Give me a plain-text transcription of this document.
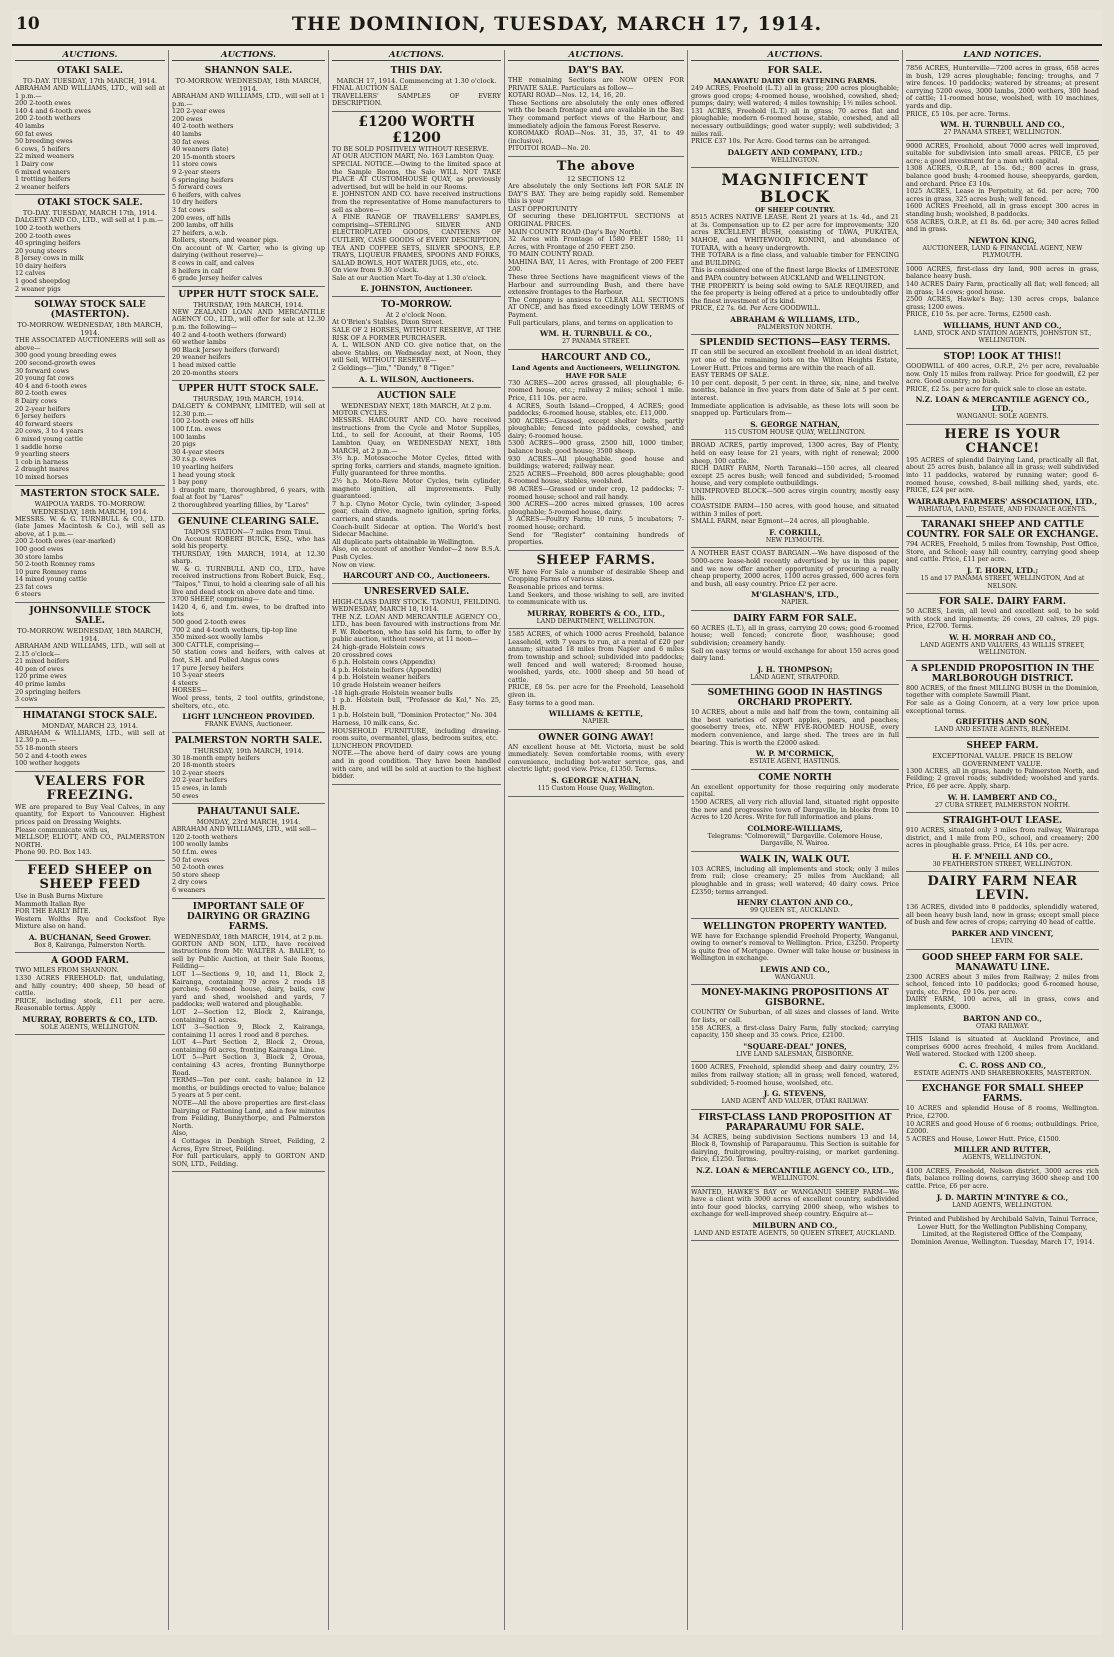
10	THE DOMINION, TUESDAY, MARCH 17, 1914.
AUCTIONS.
OTAKI SALE.
TO-DAY. TUESDAY, 17th MARCH, 1914.
ABRAHAM AND WILLIAMS, LTD., will sell at 1 p.m.—
200 2-tooth ewes
140 4 and 6-tooth ewes
200 2-tooth wethers
40 lambs
60 fat ewes
50 breeding ewes
6 cows, 5 heifers
22 mixed weaners
1 Dairy cow
6 mixed weaners
1 trotting heifers
2 weaner heifers
OTAKI STOCK SALE.
TO-DAY. TUESDAY, MARCH 17th, 1914.
DALGETY AND CO., LTD., will sell at 1 p.m.—
100 2-tooth wethers
200 2-tooth ewes
40 springing heifers
20 young steers
8 Jersey cows in milk
10 dairy heifers
12 calves
1 good sheepdog
2 weaner pigs
SOLWAY STOCK SALE (MASTERTON).
TO-MORROW. WEDNESDAY, 18th MARCH, 1914.
THE ASSOCIATED AUCTIONEERS will sell as above—
300 good young breeding ewes
200 second-growth ewes
30 forward cows
20 young fat cows
40 4 and 6-tooth ewes
80 2-tooth ewes
8 Dairy cows
20 2-year heifers
6 Jersey heifers
40 forward steers
20 cows, 3 to 4 years
6 mixed young cattle
1 saddle horse
9 yearling steers
1 cob in harness
2 draught mares
10 mixed horses
MASTERTON STOCK SALE.
WAIPOUA YARDS. TO-MORROW. WEDNESDAY, 18th MARCH, 1914.
MESSRS. W. & G. TURNBULL & CO., LTD. (late James Macintosh & Co.), will sell as above, at 1 p.m.—
200 2-tooth ewes (ear-marked)
100 good ewes
30 store lambs
50 2-tooth Romney rams
10 pure Romney rams
14 mixed young cattle
23 fat cows
6 steers
JOHNSONVILLE STOCK SALE.
TO-MORROW. WEDNESDAY, 18th MARCH, 1914.
ABRAHAM AND WILLIAMS, LTD., will sell at 2.15 o'clock—
21 mixed heifers
40 pen of ewes
120 prime ewes
40 prime lambs
20 springing heifers
3 cows
HIMATANGI STOCK SALE.
MONDAY, MARCH 23, 1914.
ABRAHAM & WILLIAMS, LTD., will sell at 12.30 p.m.—
55 18-month steers
50 2 and 4-tooth ewes
100 wether hoggets
VEALERS FOR FREEZING.
WE are prepared to Buy Veal Calves, in any quantity, for Export to Vancouver. Highest prices paid on Dressing Weights.
Please communicate with us,
MELLSOP, ELIOTT, AND CO., PALMERSTON NORTH.
Phone 90. P.O. Box 143.
FEED SHEEP on SHEEP FEED
Use in Bush Burns Mixture
Mammoth Italian Rye
FOR THE EARLY BITE.
Western Wolths Rye and Cocksfoot Rye Mixture also on hand.
A. BUCHANAN, Seed Grower.
Box 8, Kairanga, Palmerston North.
A GOOD FARM.
TWO MILES FROM SHANNON.
1330 ACRES FREEHOLD: flat, undulating, and hilly country; 400 sheep, 50 head of cattle.
PRICE, including stock, £11 per acre. Reasonable terms. Apply
MURRAY, ROBERTS & CO., LTD.
SOLE AGENTS, WELLINGTON.
AUCTIONS.
SHANNON SALE.
TO-MORROW. WEDNESDAY, 18th MARCH, 1914.
ABRAHAM AND WILLIAMS, LTD., will sell at 1 p.m.—
120 2-year ewes
200 ewes
40 2-tooth wethers
40 lambs
30 fat ewes
40 weaners (late)
20 15-month steers
11 store cows
9 2-year steers
6 springing heifers
5 forward cows
6 heifers, with calves
10 dry heifers
3 fat cows
200 ewes, off hills
200 lambs, off hills
27 heifers, a.w.b.
Rollers, steers, and weaner pigs.
On account of W. Carter, who is giving up dairying (without reserve)—
8 cows in calf, and calves
8 heifers in calf
6 grade Jersey heifer calves
UPPER HUTT STOCK SALE.
THURSDAY, 19th MARCH, 1914.
NEW ZEALAND LOAN AND MERCANTILE AGENCY CO., LTD., will offer for sale at 12.30 p.m. the following—
40 2 and 4-tooth wethers (forward)
60 wether lambs
90 Black Jersey heifers (forward)
20 weaner heifers
1 head mixed cattle
20 20-months steers
UPPER HUTT STOCK SALE.
THURSDAY, 19th MARCH, 1914.
DALGETY & COMPANY, LIMITED, will sell at 12.30 p.m.—
100 2-tooth ewes off hills
100 f.f.m. ewes
100 lambs
20 pigs
30 4-year steers
30 r.s.p. ewes
10 yearling heifers
1 head young stock
1 bay pony
1 draught mare, thoroughbred, 6 years, with foal at foot by "Lares"
2 thoroughbred yearling fillies, by "Lares"
GENUINE CLEARING SALE.
TAIPOS STATION—7 miles from Tinui.
On Account ROBERT BUICK, ESQ., who has sold his property.
THURSDAY, 19th MARCH, 1914, at 12.30 sharp.
W. & G. TURNBULL AND CO., LTD., have received instructions from Robert Buick, Esq., "Taipos," Tinui, to hold a clearing sale of all his live and dead stock on above date and time.
3700 SHEEP, comprising—
1420 4, 6, and f.m. ewes, to be drafted into lots
500 good 2-tooth ewes
700 2 and 4-tooth wethers, tip-top line
350 mixed-sex woolly lambs
300 CATTLE, comprising—
50 station cows and heifers, with calves at foot, S.H. and Polled Angus cows
17 pure Jersey heifers
10 3-year steers
4 steers
HORSES—
Wool press, tents, 2 tool outfits, grindstone, shelters, etc., etc.
LIGHT LUNCHEON PROVIDED.
FRANK EVANS, Auctioneer.
PALMERSTON NORTH SALE.
THURSDAY, 19th MARCH, 1914.
30 18-month empty heifers
20 18-month steers
10 2-year steers
20 2-year heifers
15 ewes, in lamb
50 ewes
PAHAUTANUI SALE.
MONDAY, 23rd MARCH, 1914.
ABRAHAM AND WILLIAMS, LTD., will sell—
120 2-tooth wethers
100 woolly lambs
50 f.f.m. ewes
50 fat ewes
50 2-tooth ewes
50 store sheep
2 dry cows
6 weaners
IMPORTANT SALE OF DAIRYING OR GRAZING FARMS.
WEDNESDAY, 18th MARCH, 1914, at 2 p.m.
GORTON AND SON, LTD., have received instructions from Mr. WALTER A. BAILEY, to sell by Public Auction, at their Sale Rooms, Feilding—
LOT 1—Sections 9, 10, and 11, Block 2, Kairanga, containing 79 acres 2 roods 18 perches; 6-roomed house, dairy, bails, cow yard and shed, woolshed and yards, 7 paddocks; well watered and ploughable.
LOT 2—Section 12, Block 2, Kairanga, containing 61 acres.
LOT 3—Section 9, Block 2, Kairanga, containing 11 acres 1 rood and 8 perches.
LOT 4—Part Section 2, Block 2, Oroua, containing 60 acres, fronting Kairanga Line.
LOT 5—Part Section 3, Block 2, Oroua, containing 43 acres, fronting Bunnythorpe Road.
TERMS—Ten per cent. cash; balance in 12 months, or buildings erected to value; balance 5 years at 5 per cent.
NOTE—All the above properties are first-class Dairying or Fattening Land, and a few minutes from Feilding, Bunnythorpe, and Palmerston North.
Also,
4 Cottages in Denbigh Street, Feilding, 2 Acres, Eyre Street, Feilding.
For full particulars, apply to GORTON AND SON, LTD., Feilding.
AUCTIONS.
THIS DAY.
MARCH 17, 1914. Commencing at 1.30 o'clock.
FINAL AUCTION SALE
TRAVELLERS' SAMPLES OF EVERY DESCRIPTION.
£1200 WORTH £1200
TO BE SOLD POSITIVELY WITHOUT RESERVE.
AT OUR AUCTION MART, No. 163 Lambton Quay.
SPECIAL NOTICE.—Owing to the limited space at the Sample Rooms, the Sale WILL NOT TAKE PLACE AT CUSTOMHOUSE QUAY, as previously advertised, but will be held in our Rooms.
E. JOHNSTON AND CO. have received instructions from the representative of Home manufacturers to sell as above—
A FINE RANGE OF TRAVELLERS' SAMPLES, comprising—STERLING SILVER AND ELECTROPLATED GOODS, CANTEENS OF CUTLERY, CASE GOODS of EVERY DESCRIPTION, TEA AND COFFEE SETS, SILVER SPOONS, E.P. TRAYS, LIQUEUR FRAMES, SPOONS AND FORKS, SALAD BOWLS, HOT WATER JUGS, etc., etc.
On view from 9.30 o'clock.
Sale at our Auction Mart To-day at 1.30 o'clock.
E. JOHNSTON, Auctioneer.
TO-MORROW.
At 2 o'clock Noon.
At O'Brien's Stables, Dixon Street.
SALE OF 2 HORSES, WITHOUT RESERVE, AT THE RISK OF A FORMER PURCHASER.
A. L. WILSON AND CO. give notice that, on the above Stables, on Wednesday next, at Noon, they will Sell, WITHOUT RESERVE—
2 Geldings—"Jim," "Dandy," 8 "Tiger."
A. L. WILSON, Auctioneers.
AUCTION SALE
WEDNESDAY NEXT, 18th MARCH, At 2 p.m.
MOTOR CYCLES.
MESSRS. HARCOURT AND CO. have received instructions from the Cycle and Motor Supplies, Ltd., to sell for Account, at their Rooms, 105 Lambton Quay, on WEDNESDAY NEXT, 18th MARCH, at 2 p.m.—
3½ h.p. Motosacoche Motor Cycles, fitted with spring forks, carriers and stands, magneto ignition. Fully guaranteed for three months.
2½ h.p. Moto-Reve Motor Cycles, twin cylinder, magneto ignition, all improvements. Fully guaranteed.
7 h.p. Clyno Motor Cycle, twin cylinder, 3-speed gear, chain drive, magneto ignition, spring forks, carriers, and stands.
Coach-built Sidecar at option. The World's best Sidecar Machine.
All duplicate parts obtainable in Wellington.
Also, on account of another Vendor—2 new B.S.A. Push Cycles.
Now on view.
HARCOURT AND CO., Auctioneers.
UNRESERVED SALE.
HIGH-CLASS DAIRY STOCK. TAONUI, FEILDING.
WEDNESDAY, MARCH 18, 1914.
THE N.Z. LOAN AND MERCANTILE AGENCY CO., LTD., has been favoured with instructions from Mr. F. W. Robertson, who has sold his farm, to offer by public auction, without reserve, at 11 noon—
24 high-grade Holstein cows
20 crossbred cows
6 p.h. Holstein cows (Appendix)
4 p.b. Holstein heifers (Appendix)
4 p.b. Holstein weaner heifers
10 grade Holstein weaner heifers
-18 high-grade Holstein weaner bulls
1 p.b. Holstein bull, "Professor de Kol," No. 25, H.B.
1 p.b. Holstein bull, "Dominion Protector," No. 304
Harness, 10 milk cans, &c.
HOUSEHOLD FURNITURE, including drawing-room suite, overmantel, glass, bedroom suites, etc.
LUNCHEON PROVIDED.
NOTE.—The above herd of dairy cows are young and in good condition. They have been handled with care, and will be sold at auction to the highest bidder.
AUCTIONS.
DAY'S BAY.
THE remaining Sections are NOW OPEN FOR PRIVATE SALE. Particulars as follow—
KOTARI ROAD—Nos. 12, 14, 16, 20.
These Sections are absolutely the only ones offered with the beach frontage and are available in the Bay. They command perfect views of the Harbour, and immediately adjoin the famous Forest Reserve.
KOROMAKO ROAD—Nos. 31, 35, 37, 41 to 49 (inclusive).
PITOITOI ROAD—No. 20.
The above
12 SECTIONS 12
Are absolutely the only Sections left FOR SALE IN DAY'S BAY. They are being rapidly sold. Remember this is your
LAST OPPORTUNITY
Of securing these DELIGHTFUL SECTIONS at ORIGINAL PRICES.
MAIN COUNTY ROAD (Day's Bay North).
32 Acres with Frontage of 1580 FEET 1580; 11 Acres, with Frontage of 250 FEET 250.
TO MAIN COUNTY ROAD.
MAHINA BAY, 11 Acres, with Frontage of 200 FEET 200.
These three Sections have magnificent views of the Harbour and surrounding Bush, and there have extensive frontages to the Harbour.
The Company is anxious to CLEAR ALL SECTIONS AT ONCE, and has fixed exceedingly LOW TERMS of Payment.
Full particulars, plans, and terms on application to
WM. H. TURNBULL & CO.,
27 PANAMA STREET.
HARCOURT AND CO.,
Land Agents and Auctioneers, WELLINGTON. HAVE FOR SALE
730 ACRES—200 acres grassed, all ploughable; 6-roomed house, etc.; railway 2 miles; school 1 mile. Price, £11 10s. per acre.
4 ACRES, South Island—Cropped, 4 ACRES; good paddocks; 6-roomed house, stables, etc. £11,000.
300 ACRES—Grassed, except shelter belts, partly ploughable; fenced into paddocks, cowshed, and dairy; 6-roomed house.
5300 ACRES—900 grass, 2500 hill, 1000 timber, balance bush; good house; 3500 sheep.
930 ACRES—All ploughable. good house and buildings; watered; railway near.
2525 ACRES—Freehold, 800 acres ploughable; good 8-roomed house, stables, woolshed.
98 ACRES—Grassed or under crop, 12 paddocks; 7-roomed house; school and rail handy.
300 ACRES—200 acres mixed grasses, 100 acres ploughable; 5-roomed house, dairy.
3 ACRES—Poultry Farm; 10 runs, 5 incubators; 7-roomed house; orchard.
Send for "Register" containing hundreds of properties.
SHEEP FARMS.
WE have For Sale a number of desirable Sheep and Cropping Farms of various sizes.
Reasonable prices and terms.
Land Seekers, and those wishing to sell, are invited to communicate with us.
MURRAY, ROBERTS & CO., LTD.,
LAND DEPARTMENT, WELLINGTON.
1585 ACRES, of which 1000 acres Freehold, balance Leasehold, with 7 years to run, at a rental of £20 per annum; situated 18 miles from Napier and 6 miles from township and school; subdivided into paddocks; well fenced and well watered; 8-roomed house, woolshed, yards, etc. 1000 sheep and 50 head of cattle.
PRICE, £8 5s. per acre for the Freehold, Leasehold given in.
Easy terms to a good man.
WILLIAMS & KETTLE,
NAPIER.
OWNER GOING AWAY!
AN excellent house at Mt. Victoria, must be sold immediately. Seven comfortable rooms, with every convenience, including hot-water service, gas, and electric light; good view. Price, £1350. Terms.
S. GEORGE NATHAN,
115 Custom House Quay, Wellington.
AUCTIONS.
FOR SALE.
MANAWATU DAIRY OR FATTENING FARMS.
249 ACRES, Freehold (L.T.) all in grass; 200 acres ploughable; grows good crops; 4-roomed house, woolshed, cowshed, shed; pumps; dairy; well watered; 4 miles township; 1½ miles school.
131 ACRES, Freehold (L.T.) all in grass; 70 acres flat and ploughable; modern 6-roomed house, stable, cowshed, and all necessary outbuildings; good water supply; well subdivided; 3 miles rail.
PRICE £37 10s. Per Acre. Good terms can be arranged.
DALGETY AND COMPANY, LTD.;
WELLINGTON.
MAGNIFICENT BLOCK
OF SHEEP COUNTRY.
8515 ACRES NATIVE LEASE. Rent 21 years at 1s. 4d., and 21 at 3s. Compensation up to £2 per acre for improvements; 320 acres EXCELLENT BUSH, consisting of TAWA, PUKATEA, MAHOE, and WHITEWOOD, KONINI, and abundance of TOTARA, with a heavy undergrowth.
THE TOTARA is a fine class, and valuable timber for FENCING and BUILDING.
This is considered one of the finest large Blocks of LIMESTONE and PAPA country between AUCKLAND and WELLINGTON.
THE PROPERTY is being sold owing to SALE REQUIRED, and the fee property is being offered at a price to undoubtedly offer the finest investment of its kind.
PRICE, £2 7s. 6d. Per Acre GOODWILL.
ABRAHAM & WILLIAMS, LTD.,
PALMERSTON NORTH.
SPLENDID SECTIONS—EASY TERMS.
IT can still be secured an excellent freehold in an ideal district, yet one of the remaining lots on the Wilton Heights Estate, Lower Hutt. Prices and terms are within the reach of all.
EASY TERMS OF SALE.
10 per cent. deposit, 5 per cent. in three, six, nine, and twelve months, balance in five years from date of Sale at 5 per cent. interest.
Immediate application is advisable, as these lots will soon be snapped up. Particulars from—
S. GEORGE NATHAN,
115 CUSTOM HOUSE QUAY, WELLINGTON.
BROAD ACRES, partly improved, 1300 acres, Bay of Plenty, held on easy lease for 21 years, with right of renewal; 2000 sheep, 100 cattle.
RICH DAIRY FARM, North Taranaki—150 acres, all cleared except 25 acres bush; well fenced and subdivided; 5-roomed house, and very complete outbuildings.
UNIMPROVED BLOCK—500 acres virgin country, mostly easy hills.
COASTSIDE FARM—150 acres, with good house, and situated within 3 miles of port.
SMALL FARM, near Egmont—24 acres, all ploughable.
F. CORKILL,
NEW PLYMOUTH.
A NOTHER EAST COAST BARGAIN.—We have disposed of the 5000-acre lease-hold recently advertised by us in this paper, and we now offer another opportunity of procuring a really cheap property, 2000 acres, 1100 acres grassed, 600 acres fern and bush, all easy country. Price £2 per acre.
M'GLASHAN'S, LTD.,
NAPIER.
DAIRY FARM FOR SALE.
60 ACRES (L.T.), all in grass, carrying 20 cows; good 6-roomed house; well fenced; concrete floor, washhouse; good subdivision; creamery handy.
Sell on easy terms or would exchange for about 150 acres good dairy land.
J. H. THOMPSON;
LAND AGENT, STRATFORD.
SOMETHING GOOD IN HASTINGS ORCHARD PROPERTY.
10 ACRES, about a mile and half from the town, containing all the best varieties of export apples, pears, and peaches; gooseberry trees, etc. NEW FIVE-ROOMED HOUSE, every modern convenience, and large shed. The trees are in full bearing. This is worth the £2000 asked.
W. P. M'CORMICK,
ESTATE AGENT, HASTINGS.
COME NORTH
An excellent opportunity for those requiring only moderate capital.
1500 ACRES, all very rich alluvial land, situated right opposite the new and progressive town of Dargaville, in blocks from 10 Acres to 120 Acres. Write for full information and plans.
COLMORE-WILLIAMS,
Telegrams: "Colmorewill," Dargaville. Colemore House, Dargaville, N. Wairoa.
WALK IN, WALK OUT.
103 ACRES, including all implements and stock; only 3 miles from rail; close creamery; 25 miles from Auckland; all ploughable and in grass; well watered; 40 dairy cows. Price £2350; terms arranged.
HENRY CLAYTON AND CO.,
99 QUEEN ST., AUCKLAND.
WELLINGTON PROPERTY WANTED.
WE have for Exchange splendid Freehold Property, Wanganui, owing to owner's removal to Wellington. Price, £3250. Property is quite free of Mortgage. Owner will take house or business in Wellington in exchange.
LEWIS AND CO.,
WANGANUI.
MONEY-MAKING PROPOSITIONS AT GISBORNE.
COUNTRY Or Suburban, of all sizes and classes of land. Write for lists, or call.
158 ACRES, a first-class Dairy Farm, fully stocked; carrying capacity, 150 sheep and 35 cows. Price, £2100.
"SQUARE-DEAL" JONES,
LIVE LAND SALESMAN, GISBORNE.
1600 ACRES, Freehold, splendid sheep and dairy country, 2½ miles from railway station; all in grass; well fenced, watered, subdivided; 5-roomed house, woolshed, etc.
J. G. STEVENS,
LAND AGENT AND VALUER, OTAKI RAILWAY.
FIRST-CLASS LAND PROPOSITION AT PARAPARAUMU FOR SALE.
34 ACRES, being subdivision Sections numbers 13 and 14, Block 8, Township of Paraparaumu. This Section is suitable for dairying, fruitgrowing, poultry-raising, or market gardening. Price, £1250. Terms.
N.Z. LOAN & MERCANTILE AGENCY CO., LTD.,
WELLINGTON.
WANTED, HAWKE'S BAY or WANGANUI SHEEP FARM—We have a client with 3000 acres of excellent country, subdivided into four good blocks, carrying 2000 sheep, who wishes to exchange for well-improved sheep country. Enquire at—
MILBURN AND CO.,
LAND AND ESTATE AGENTS, 50 QUEEN STREET, AUCKLAND.
LAND NOTICES.
7856 ACRES, Hunterville—7200 acres in grass, 658 acres in bush, 129 acres ploughable; fencing; troughs, and 7 wire fences. 10 paddocks; watered by streams; at present carrying 5200 ewes, 3000 lambs, 2000 wethers, 300 head of cattle; 11-roomed house, woolshed, with 10 machines, yards and dip.
PRICE, £5 10s. per acre. Terms.
WM. H. TURNBULL AND CO.,
27 PANAMA STREET, WELLINGTON.
9000 ACRES, Freehold, about 7000 acres well improved, suitable for subdivision into small areas. PRICE, £5 per acre; a good investment for a man with capital.
1308 ACRES, O.R.P., at 15s. 6d.; 800 acres in grass, balance good bush; 4-roomed house, sheepyards, garden, and orchard. Price £3 10s.
1025 ACRES, Lease in Perpetuity, at 6d. per acre; 700 acres in grass, 325 acres bush; well fenced.
1600 ACRES Freehold, all in grass except 300 acres in standing bush; woolshed, 8 paddocks.
658 ACRES, O.R.P., at £1 8s. 6d. per acre; 340 acres felled and in grass.
NEWTON KING,
AUCTIONEER, LAND & FINANCIAL AGENT, NEW PLYMOUTH.
1000 ACRES, first-class dry land, 900 acres in grass, balance heavy bush.
140 ACRES Dairy Farm, practically all flat; well fenced; all in grass; 14 cows; good house.
2500 ACRES, Hawke's Bay; 130 acres crops, balance grass; 1200 ewes.
PRICE, £10 5s. per acre. Terms, £2500 cash.
WILLIAMS, HUNT AND CO.,
LAND, STOCK AND STATION AGENTS, JOHNSTON ST., WELLINGTON.
STOP! LOOK AT THIS!!
GOODWILL of 400 acres, O.R.P., 2½ per acre, revaluable now. Only 15 miles from railway. Price for goodwill, £2 per acre. Good country; no bush.
PRICE, £2 5s. per acre for quick sale to close an estate.
N.Z. LOAN & MERCANTILE AGENCY CO., LTD.,
WANGANUI: SOLE AGENTS.
HERE IS YOUR CHANCE!
195 ACRES of splendid Dairying Land, practically all flat, about 25 acres bush, balance all in grass; well subdivided into 11 paddocks, watered by running water; good 6-roomed house, cowshed, 8-bail milking shed, yards, etc. PRICE, £24 per acre.
WAIRARAPA FARMERS' ASSOCIATION, LTD.,
PAHIATUA, LAND, ESTATE, AND FINANCE AGENTS.
TARANAKI SHEEP AND CATTLE COUNTRY. FOR SALE OR EXCHANGE.
794 ACRES, Freehold, 5 miles from Township, Post Office, Store, and School; easy hill country, carrying good sheep and cattle. Price, £11 per acre.
J. T. HORN, LTD.;
15 and 17 PANAMA STREET, WELLINGTON, And at NELSON.
FOR SALE. DAIRY FARM.
50 ACRES, Levin, all level and excellent soil, to be sold with stock and implements; 26 cows, 20 calves, 20 pigs. Price, £2700. Terms.
W. H. MORRAH AND CO.,
LAND AGENTS AND VALUERS, 43 WILLIS STREET, WELLINGTON.
A SPLENDID PROPOSITION IN THE MARLBOROUGH DISTRICT.
800 ACRES, of the finest MILLING BUSH in the Dominion, together with complete Sawmill Plant.
For sale as a Going Concern, at a very low price upon exceptional terms.
GRIFFITHS AND SON,
LAND AND ESTATE AGENTS, BLENHEIM.
SHEEP FARM.
EXCEPTIONAL VALUE. PRICE IS BELOW GOVERNMENT VALUE.
1300 ACRES, all in grass, handy to Palmerston North, and Feilding; 2 gravel roads; subdivided; woolshed and yards. Price, £6 per acre. Apply, sharp.
W. H. LAMBERT AND CO.,
27 CUBA STREET, PALMERSTON NORTH.
STRAIGHT-OUT LEASE.
910 ACRES, situated only 3 miles from railway, Wairarapa district, and 1 mile from P.O., school, and creamery; 200 acres in ploughable grass. Price, £4 10s. per acre.
H. F. M'NEILL AND CO.,
30 FEATHERSTON STREET, WELLINGTON.
DAIRY FARM NEAR LEVIN.
136 ACRES, divided into 8 paddocks, splendidly watered, all been heavy bush land, now in grass; except small piece of bush and few acres of crops; carrying 40 head of cattle.
PARKER AND VINCENT,
LEVIN.
GOOD SHEEP FARM FOR SALE. MANAWATU LINE.
2300 ACRES about 3 miles from Railway; 2 miles from school, fenced into 10 paddocks; good 6-roomed house, yards, etc. Price, £9 10s. per acre.
DAIRY FARM, 100 acres, all in grass, cows and implements, £3000.
BARTON AND CO.,
OTAKI RAILWAY.
THIS Island is situated at Auckland Province, and comprises 6000 acres freehold, 4 miles from Auckland. Well watered. Stocked with 1200 sheep.
C. C. ROSS AND CO.,
ESTATE AGENTS AND SHAREBROKERS, MASTERTON.
EXCHANGE FOR SMALL SHEEP FARMS.
10 ACRES and splendid House of 8 rooms, Wellington. Price, £2700.
10 ACRES and good House of 6 rooms; outbuildings. Price, £2000.
5 ACRES and House, Lower Hutt. Price, £1500.
MILLER AND RUTTER,
AGENTS, WELLINGTON.
4100 ACRES, Freehold, Nelson district, 3000 acres rich flats, balance rolling downs, carrying 3600 sheep and 100 cattle. Price, £6 per acre.
J. D. MARTIN M'INTYRE & CO.,
LAND AGENTS, WELLINGTON.
Printed and Published by Archibald Salvin, Tainui Terrace, Lower Hutt, for the Wellington Publishing Company, Limited, at the Registered Office of the Company, Dominion Avenue, Wellington. Tuesday, March 17, 1914.
